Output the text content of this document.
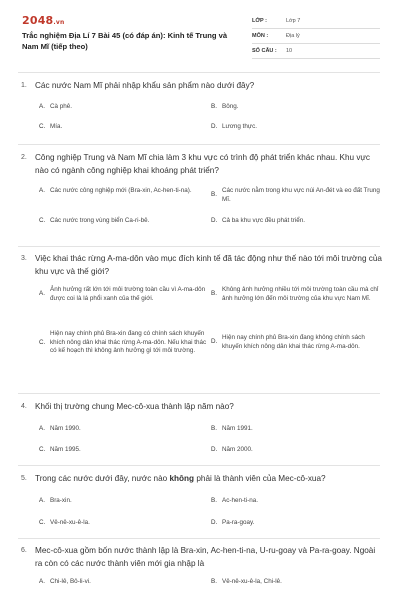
2048.vn
Trắc nghiệm Địa Lí 7 Bài 45 (có đáp án): Kinh tế Trung và Nam Mĩ (tiếp theo)
LỚP :	Lớp 7
MÔN :	Địa lý
SỐ CÂU :	10
1. Các nước Nam Mĩ phải nhập khẩu sản phẩm nào dưới đây?
A. Cà phê.	B. Bông.
C. Mía.	D. Lương thực.
2. Công nghiệp Trung và Nam Mĩ chia làm 3 khu vực có trình độ phát triển khác nhau. Khu vực nào có ngành công nghiệp khai khoáng phát triển?
A. Các nước công nghiệp mới (Bra-xin, Ac-hen-ti-na).
B.
Các nước nằm trong khu vực núi An-đét và eo đất Trung Mĩ.
C. Các nước trong vùng biển Ca-ri-bê.	D. Cả ba khu vực đều phát triển.
3. Việc khai thác rừng A-ma-dôn vào mục đích kinh tế đã tác động như thế nào tới môi trường của khu vực và thế giới?
A.
Ảnh hưởng rất lớn tới môi trường toàn cầu vì A-ma-dôn được coi là lá phổi xanh của thế giới.
B.
Không ảnh hưởng nhiều tới môi trường toàn cầu mà chỉ ảnh hưởng lớn đến môi trường của khu vực Nam Mĩ.
C.
Hiện nay chính phủ Bra-xin đang có chính sách khuyến khích nông dân khai thác rừng A-ma-dôn. Nếu khai thác có kế hoạch thì không ảnh hưởng gì tới môi trường.
D.
Hiện nay chính phủ Bra-xin đang không chính sách khuyến khích nông dân khai thác rừng A-ma-dôn.
4. Khối thị trường chung Mec-cô-xua thành lập năm nào?
A. Năm 1990.	B. Năm 1991.
C. Năm 1995.	D. Năm 2000.
5. Trong các nước dưới đây, nước nào không phải là thành viên của Mec-cô-xua?
A. Bra-xin.	B. Ac-hen-ti-na.
C. Vê-nê-xu-ê-la.	D. Pa-ra-goay.
6. Mec-cô-xua gồm bốn nước thành lập là Bra-xin, Ac-hen-ti-na, U-ru-goay và Pa-ra-goay. Ngoài ra còn có các nước thành viên mới gia nhập là
A. Chi-lê, Bô-li-vi.	B. Vê-nê-xu-ê-la, Chi-lê.
